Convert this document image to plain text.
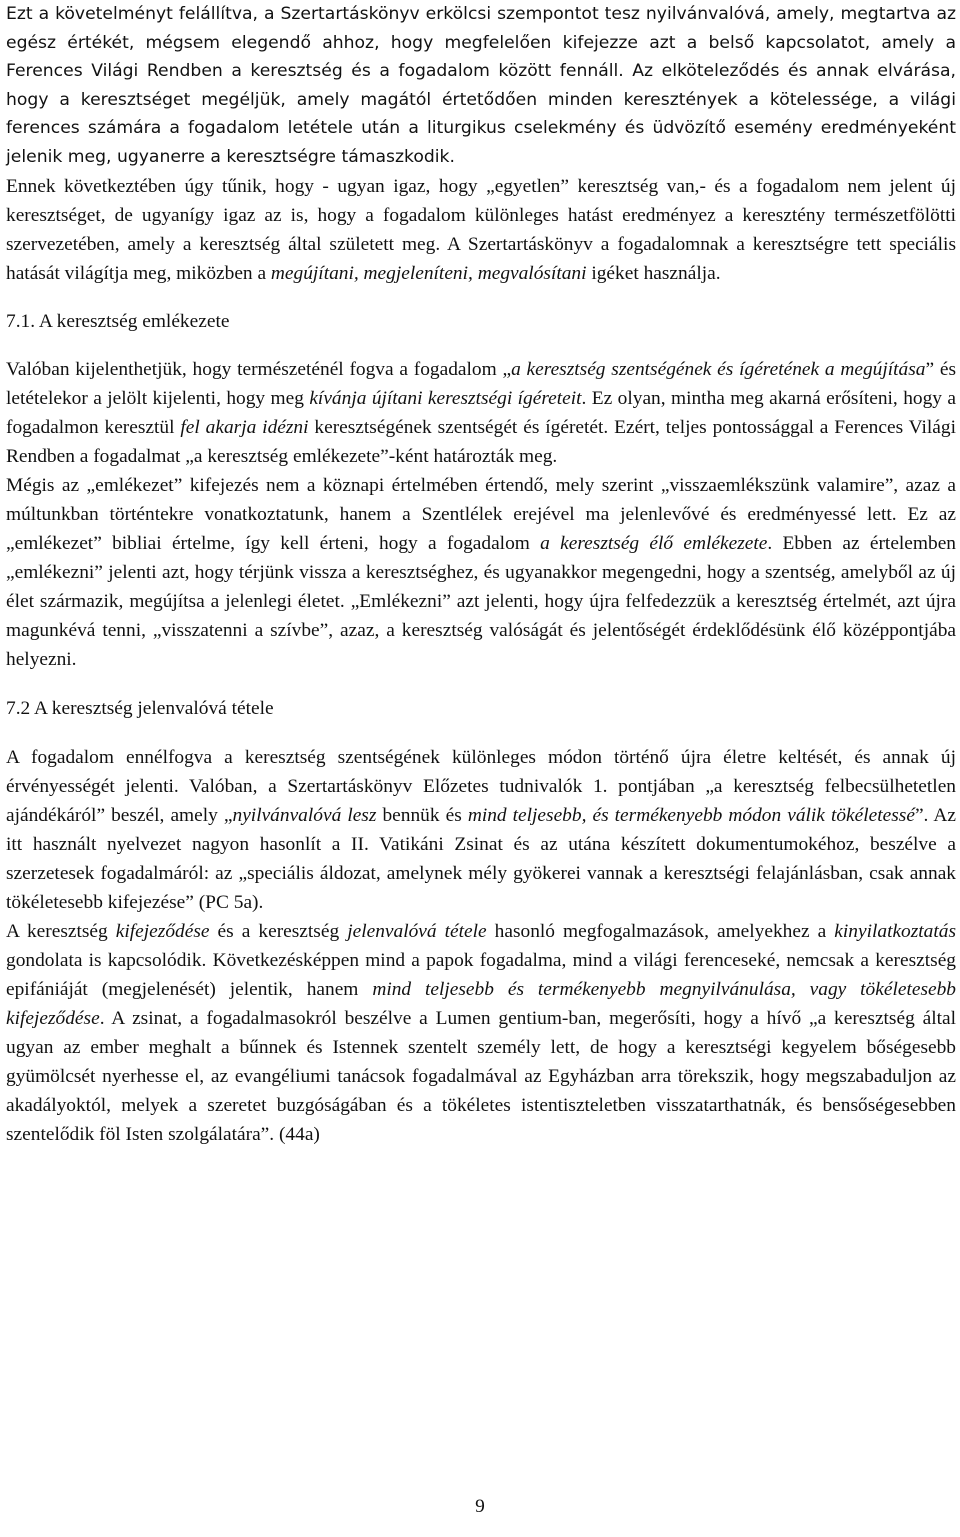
Ezt a követelményt felállítva, a Szertartáskönyv erkölcsi szempontot tesz nyilvánvalóvá, amely, megtartva az egész értékét, mégsem elegendő ahhoz, hogy megfelelően kifejezze azt a belső kapcsolatot, amely a Ferences Világi Rendben a keresztség és a fogadalom között fennáll. Az elköteleződés és annak elvárása, hogy a keresztséget megéljük, amely magától értetődően minden keresztények a kötelessége, a világi ferences számára a fogadalom letétele után a liturgikus cselekmény és üdvözítő esemény eredményeként jelenik meg, ugyanerre a keresztségre támaszkodik.

Ennek következtében úgy tűnik, hogy - ugyan igaz, hogy „egyetlen” keresztség van,- és a fogadalom nem jelent új keresztséget, de ugyanígy igaz az is, hogy a fogadalom különleges hatást eredményez a keresztény természetfölötti szervezetében, amely a keresztség által született meg. A Szertartáskönyv a fogadalomnak a keresztségre tett speciális hatását világítja meg, miközben a megújítani, megjeleníteni, megvalósítani igéket használja.

7.1. A keresztség emlékezete

Valóban kijelenthetjük, hogy természeténél fogva a fogadalom „a keresztség szentségének és ígéretének a megújítása” és letételekor a jelölt kijelenti, hogy meg kívánja újítani keresztségi ígéreteit. Ez olyan, mintha meg akarná erősíteni, hogy a fogadalmon keresztül fel akarja idézni keresztségének szentségét és ígéretét. Ezért, teljes pontossággal a Ferences Világi Rendben a fogadalmat „a keresztség emlékezete”-ként határozták meg.

Mégis az „emlékezet” kifejezés nem a köznapi értelmében értendő, mely szerint „visszaemlékszünk valamire”, azaz a múltunkban történtekre vonatkoztatunk, hanem a Szentlélek erejével ma jelenlevővé és eredményessé lett. Ez az „emlékezet” bibliai értelme, így kell érteni, hogy a fogadalom a keresztség élő emlékezete. Ebben az értelemben „emlékezni” jelenti azt, hogy térjünk vissza a keresztséghez, és ugyanakkor megengedni, hogy a szentség, amelyből az új élet származik, megújítsa a jelenlegi életet. „Emlékezni” azt jelenti, hogy újra felfedezzük a keresztség értelmét, azt újra magunkévá tenni, „visszatenni a szívbe”, azaz, a keresztség valóságát és jelentőségét érdeklődésünk élő középpontjába helyezni.

7.2 A keresztség jelenvalóvá tétele

A fogadalom ennélfogva a keresztség szentségének különleges módon történő újra életre keltését, és annak új érvényességét jelenti. Valóban, a Szertartáskönyv Előzetes tudnivalók 1. pontjában „a keresztség felbecsülhetetlen ajándékáról” beszél, amely „nyilvánvalóvá lesz bennük és mind teljesebb, és termékenyebb módon válik tökéletessé”. Az itt használt nyelvezet nagyon hasonlít a II. Vatikáni Zsinat és az utána készített dokumentumokéhoz, beszélve a szerzetesek fogadalmáról: az „speciális áldozat, amelynek mély gyökerei vannak a keresztségi felajánlásban, csak annak tökéletesebb kifejezése” (PC 5a).

A keresztség kifejeződése és a keresztség jelenvalóvá tétele hasonló megfogalmazások, amelyekhez a kinyilatkoztatás gondolata is kapcsolódik. Következésképpen mind a papok fogadalma, mind a világi ferenceseké, nemcsak a keresztség epifániáját (megjelenését) jelentik, hanem mind teljesebb és termékenyebb megnyilvánulása, vagy tökéletesebb kifejeződése. A zsinat, a fogadalmasokról beszélve a Lumen gentium-ban, megerősíti, hogy a hívő „a keresztség által ugyan az ember meghalt a bűnnek és Istennek szentelt személy lett, de hogy a keresztségi kegyelem bőségesebb gyümölcsét nyerhesse el, az evangéliumi tanácsok fogadalmával az Egyházban arra törekszik, hogy megszabaduljon az akadályoktól, melyek a szeretet buzgóságában és a tökéletes istentiszteletben visszatarthatnák, és bensőségesebben szentelődik föl Isten szolgálatára”. (44a)

9
